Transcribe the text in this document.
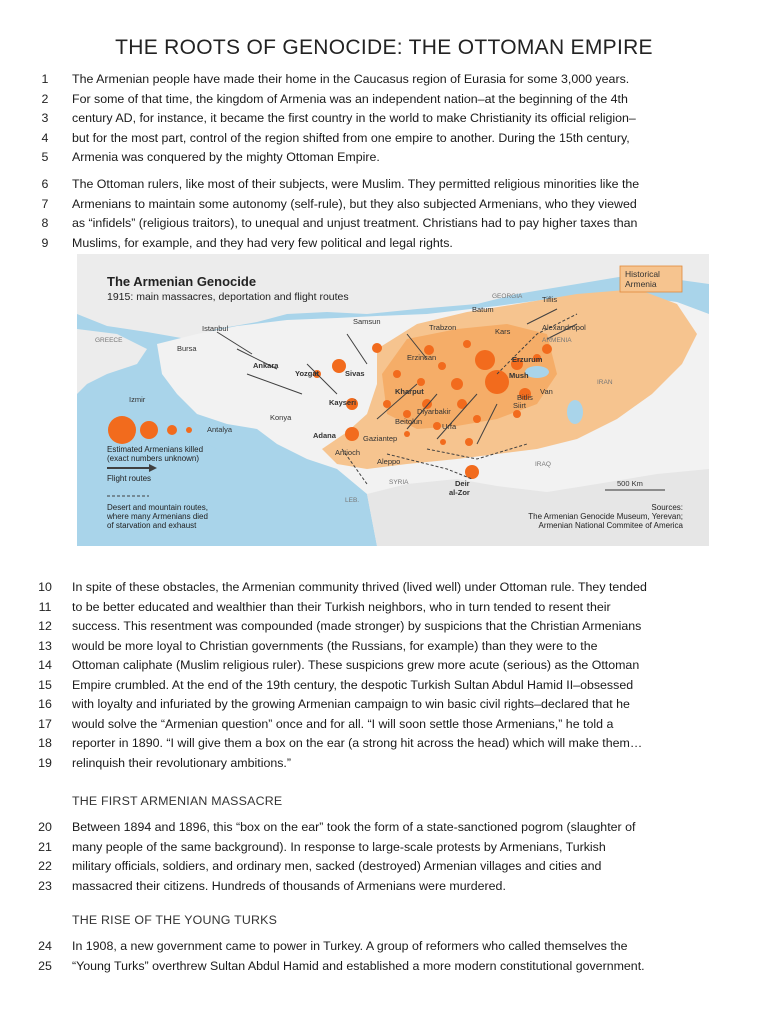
THE ROOTS OF GENOCIDE: THE OTTOMAN EMPIRE
1	The Armenian people have made their home in the Caucasus region of Eurasia for some 3,000 years.
2	For some of that time, the kingdom of Armenia was an independent nation–at the beginning of the 4th
3	century AD, for instance, it became the first country in the world to make Christianity its official religion–
4	but for the most part, control of the region shifted from one empire to another. During the 15th century,
5	Armenia was conquered by the mighty Ottoman Empire.
6	The Ottoman rulers, like most of their subjects, were Muslim. They permitted religious minorities like the
7	Armenians to maintain some autonomy (self-rule), but they also subjected Armenians, who they viewed
8	as “infidels” (religious traitors), to unequal and unjust treatment. Christians had to pay higher taxes than
9	Muslims, for example, and they had very few political and legal rights.
The Armenian Genocide
1915: main massacres, deportation and flight routes
Historical
Armenia
GEORGIA
ARMENIA
IRAN
IRAQ
SYRIA
GREECE
LEB.
Istanbul
Bursa
Izmir
Ankara
Yozgat	Sivas
Samsun
Trabzon
Batum
Tiflis
Kars	Alexandropol
Erzurum
Erzincan
Kharput
Mush
Van
Bitlis
Siirt
Diyarbakir
Kayseri
Konya
Antalya
Adana
Antioch
Gaziantep
Aleppo
Urfa
Beitolun
Deir
al-Zor
Estimated Armenians killed
(exact numbers unknown)
Flight routes
Desert and mountain routes,
where many Armenians died
of starvation and exhaust
500 Km
Sources:
The Armenian Genocide Museum, Yerevan;
Armenian National Commitee of America
10	In spite of these obstacles, the Armenian community thrived (lived well) under Ottoman rule. They tended
11	to be better educated and wealthier than their Turkish neighbors, who in turn tended to resent their
12	success. This resentment was compounded (made stronger) by suspicions that the Christian Armenians
13	would be more loyal to Christian governments (the Russians, for example) than they were to the
14	Ottoman caliphate (Muslim religious ruler). These suspicions grew more acute (serious) as the Ottoman
15	Empire crumbled. At the end of the 19th century, the despotic Turkish Sultan Abdul Hamid II–obsessed
16	with loyalty and infuriated by the growing Armenian campaign to win basic civil rights–declared that he
17	would solve the “Armenian question” once and for all. “I will soon settle those Armenians,” he told a
18	reporter in 1890. “I will give them a box on the ear (a strong hit across the head) which will make them…
19	relinquish their revolutionary ambitions.”
THE FIRST ARMENIAN MASSACRE
20	Between 1894 and 1896, this “box on the ear” took the form of a state-sanctioned pogrom (slaughter of
21	many people of the same background). In response to large-scale protests by Armenians, Turkish
22	military officials, soldiers, and ordinary men, sacked (destroyed) Armenian villages and cities and
23	massacred their citizens. Hundreds of thousands of Armenians were murdered.
THE RISE OF THE YOUNG TURKS
24	In 1908, a new government came to power in Turkey. A group of reformers who called themselves the
25	“Young Turks” overthrew Sultan Abdul Hamid and established a more modern constitutional government.
